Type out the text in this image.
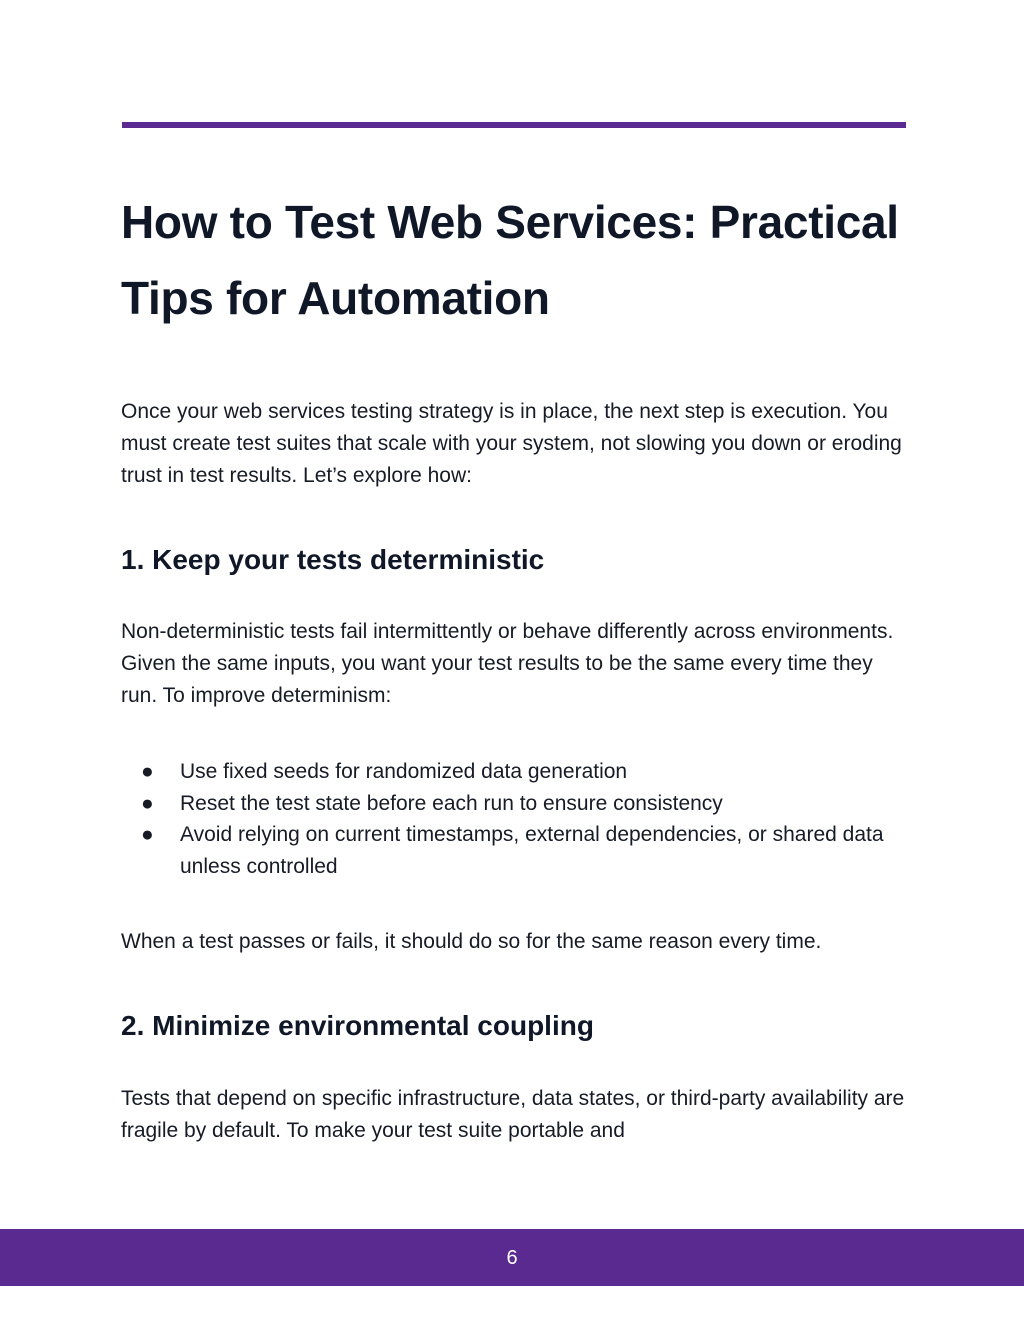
How to Test Web Services: Practical
Tips for Automation

Once your web services testing strategy is in place, the next step is execution. You must create test suites that scale with your system, not slowing you down or eroding trust in test results. Let’s explore how:

1. Keep your tests deterministic

Non-deterministic tests fail intermittently or behave differently across environments. Given the same inputs, you want your test results to be the same every time they run. To improve determinism:

● Use fixed seeds for randomized data generation
● Reset the test state before each run to ensure consistency
● Avoid relying on current timestamps, external dependencies, or shared data unless controlled

When a test passes or fails, it should do so for the same reason every time.

2. Minimize environmental coupling

Tests that depend on specific infrastructure, data states, or third-party availability are fragile by default. To make your test suite portable and

6
